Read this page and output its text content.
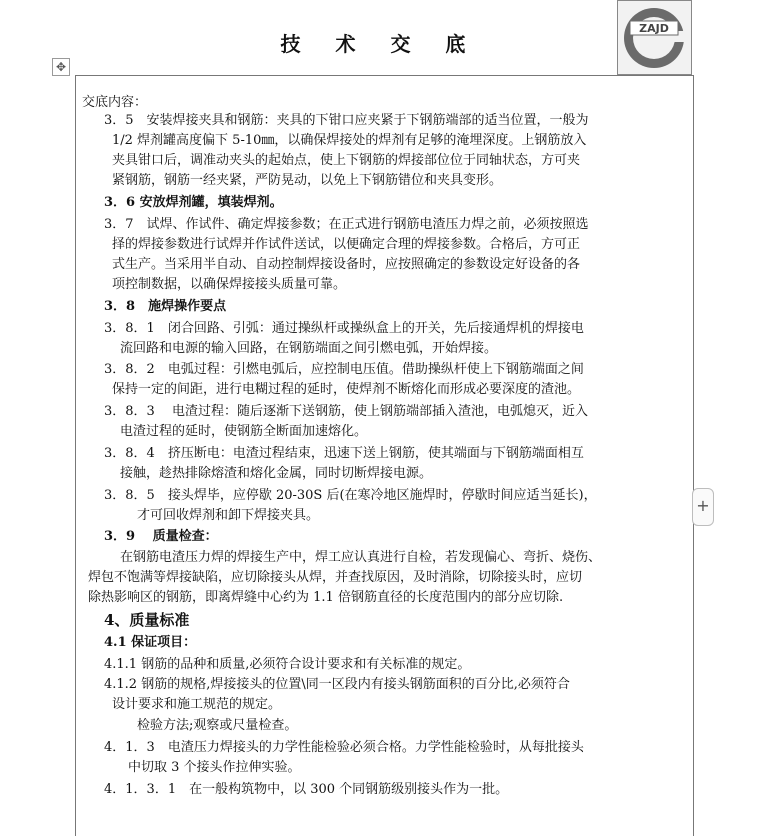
技 术 交 底
ZAJD
✥
+
交底内容：
3．5　安装焊接夹具和钢筋：夹具的下钳口应夹紧于下钢筋端部的适当位置，一般为
1/2 焊剂罐高度偏下 5-10㎜，以确保焊接处的焊剂有足够的淹埋深度。上钢筋放入
夹具钳口后，调准动夹头的起始点，使上下钢筋的焊接部位位于同轴状态，方可夹
紧钢筋，钢筋一经夹紧，严防晃动，以免上下钢筋错位和夹具变形。
3．6 安放焊剂罐，填装焊剂。
3．7　试焊、作试件、确定焊接参数；在正式进行钢筋电渣压力焊之前，必须按照选
择的焊接参数进行试焊并作试件送试，以便确定合理的焊接参数。合格后，方可正
式生产。当采用半自动、自动控制焊接设备时，应按照确定的参数设定好设备的各
项控制数据，以确保焊接接头质量可靠。
3．8　施焊操作要点
3．8．1　闭合回路、引弧：通过操纵杆或操纵盒上的开关，先后接通焊机的焊接电
流回路和电源的输入回路，在钢筋端面之间引燃电弧，开始焊接。
3．8．2　电弧过程：引燃电弧后，应控制电压值。借助操纵杆使上下钢筋端面之间
保持一定的间距，进行电糊过程的延时，使焊剂不断熔化而形成必要深度的渣池。
3．8．3　 电渣过程：随后逐渐下送钢筋，使上钢筋端部插入渣池，电弧熄灭，近入
电渣过程的延时，使钢筋全断面加速熔化。
3．8．4　挤压断电：电渣过程结束，迅速下送上钢筋，使其端面与下钢筋端面相互
接触，趁热排除熔渣和熔化金属，同时切断焊接电源。
3．8．5　接头焊毕，应停歇 20-30S 后(在寒冷地区施焊时，停歇时间应适当延长)，
才可回收焊剂和卸下焊接夹具。
3．9　 质量检查：
在钢筋电渣压力焊的焊接生产中，焊工应认真进行自检，若发现偏心、弯折、烧伤、
焊包不饱满等焊接缺陷，应切除接头从焊，并查找原因，及时消除，切除接头时，应切
除热影响区的钢筋，即离焊缝中心约为 1.1 倍钢筋直径的长度范围内的部分应切除.
4、质量标准
4.1 保证项目：
4.1.1 钢筋的品种和质量,必须符合设计要求和有关标准的规定。
4.1.2 钢筋的规格,焊接接头的位置\同一区段内有接头钢筋面积的百分比,必须符合
设计要求和施工规范的规定。
检验方法;观察或尺量检查。
4．1．3　电渣压力焊接头的力学性能检验必须合格。力学性能检验时，从每批接头
中切取 3 个接头作拉伸实验。
4．1．3．1　在一般构筑物中，以 300 个同钢筋级别接头作为一批。
